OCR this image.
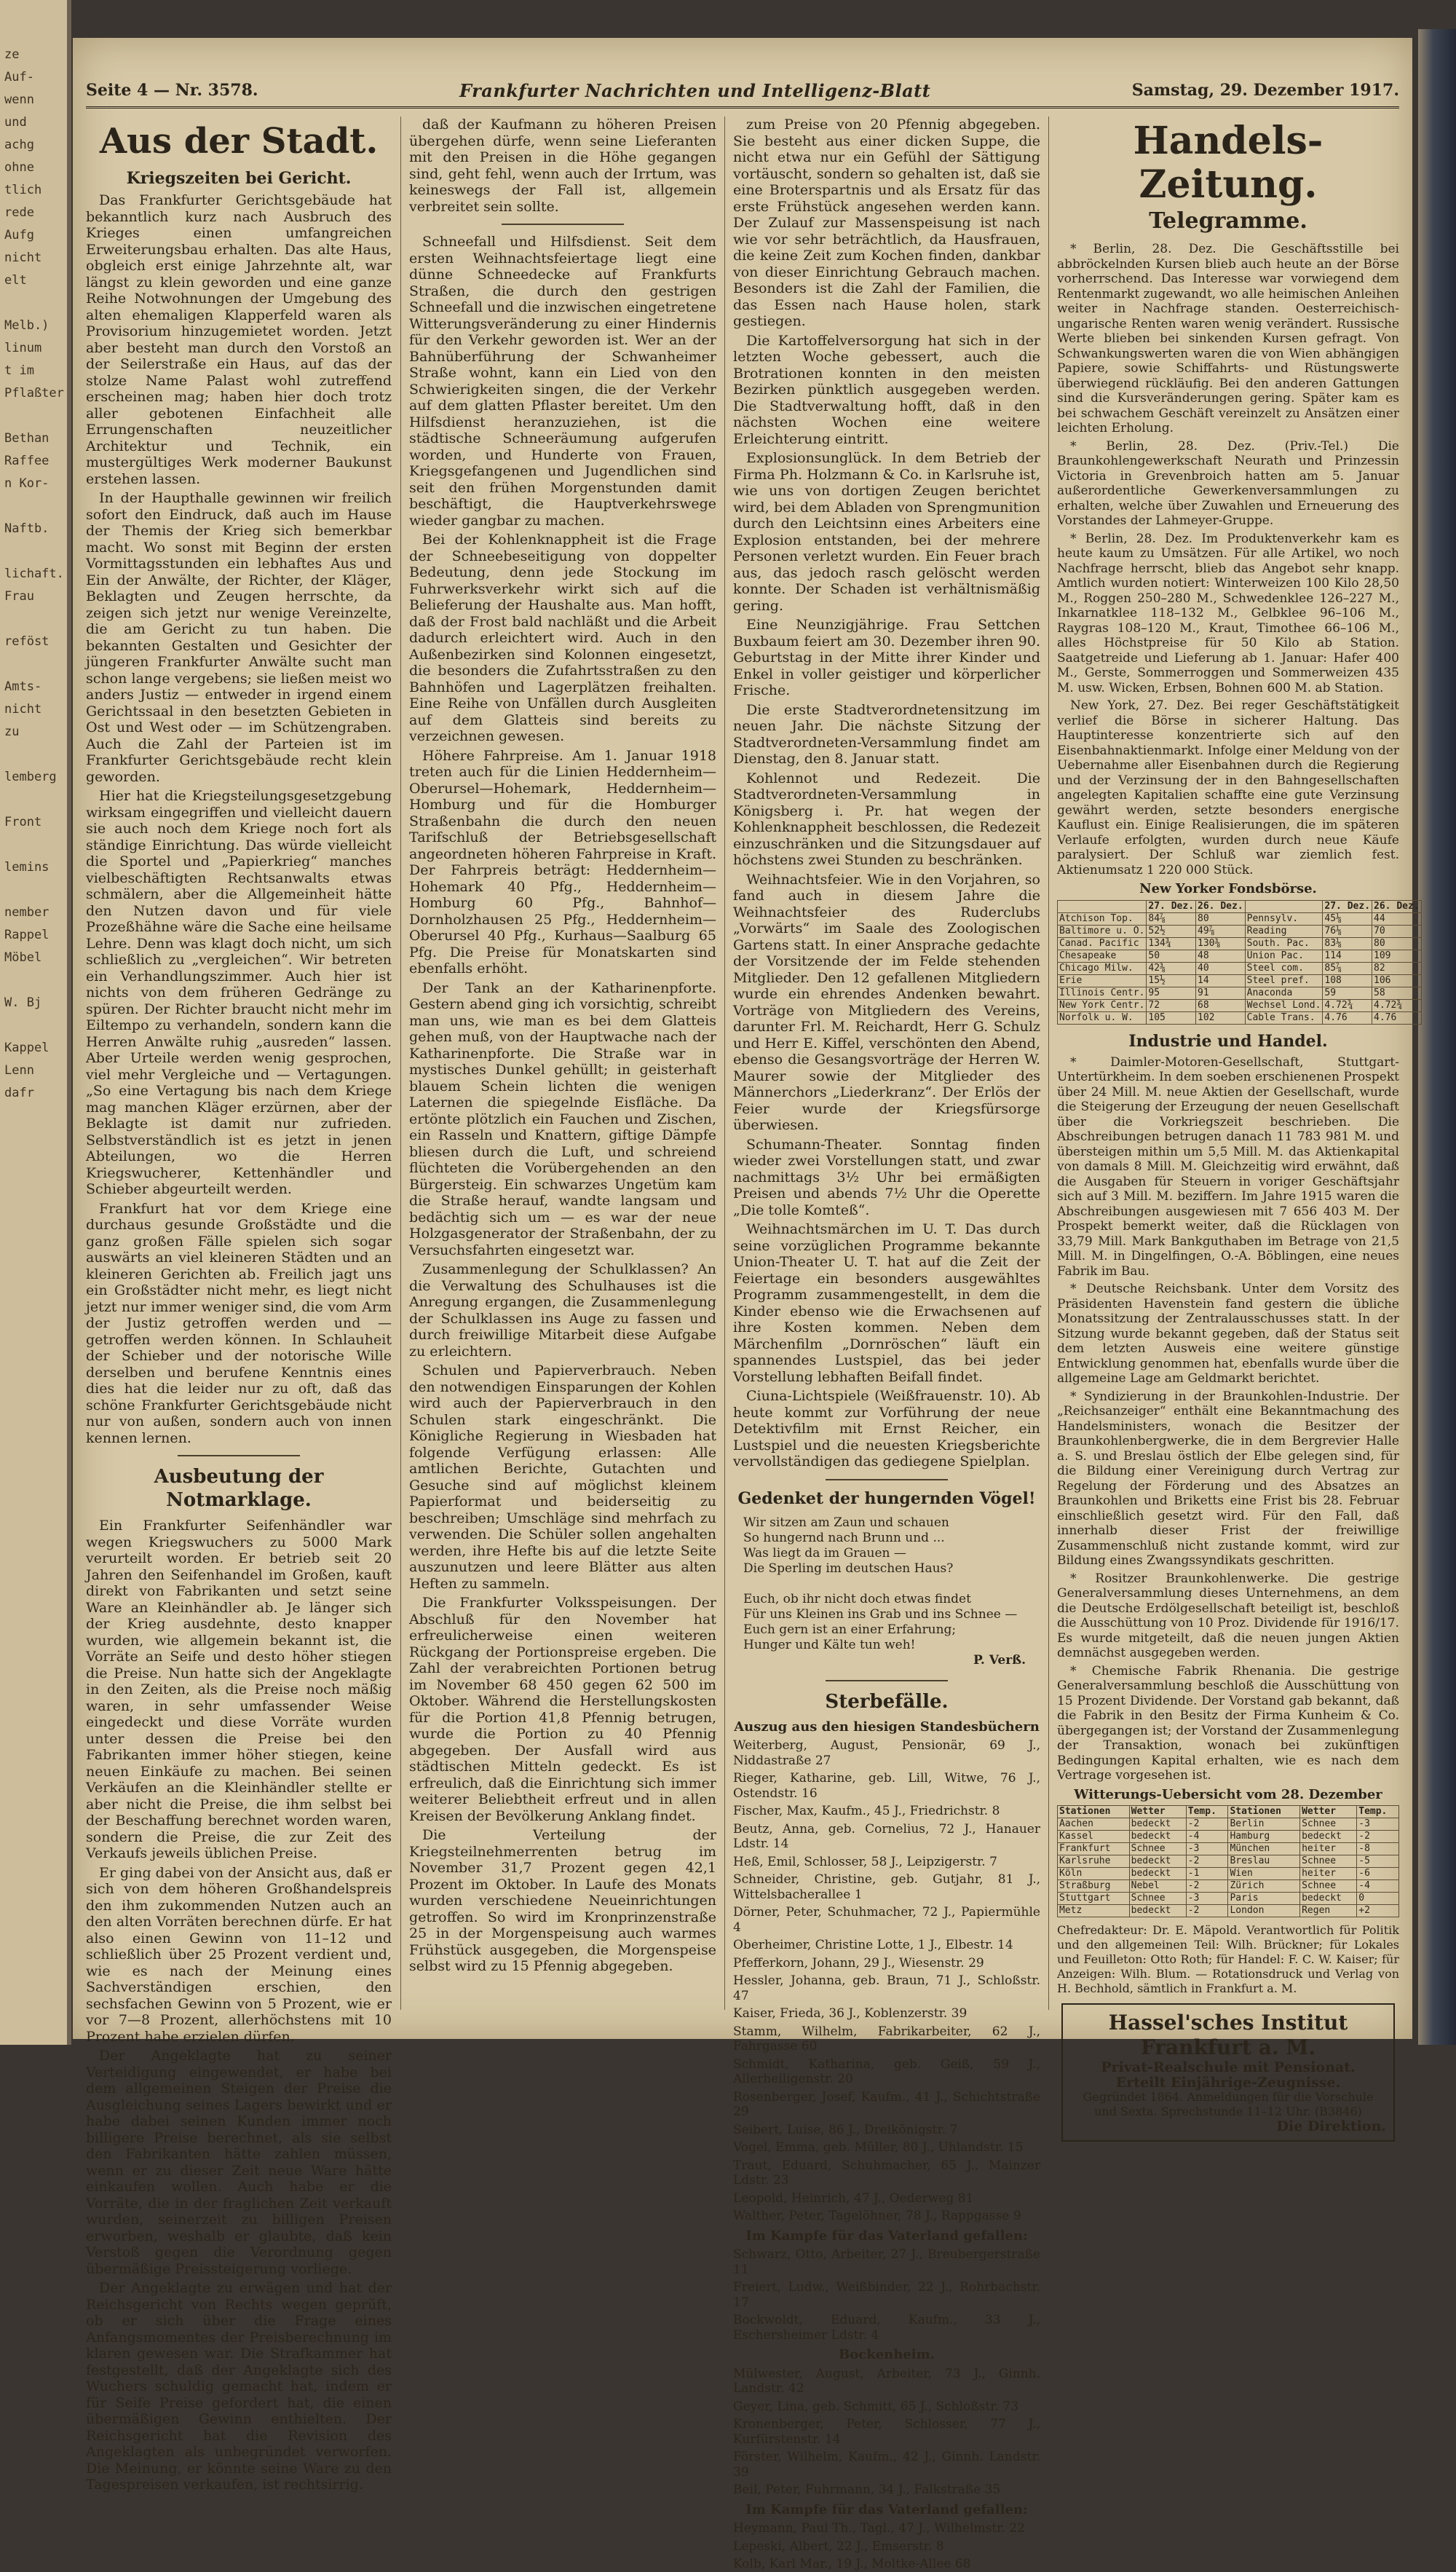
ze
Auf-
wenn
und
achg
ohne
tlich
rede
Aufg
nicht
elt

Melb.)
linum
t im
Pflaßter

Bethan
Raffee
n Kor-

Naftb.

lichaft.
Frau

reföst

Amts-
nicht
zu

lemberg

Front

lemins

nember
Rappel
Möbel

W. Bj

Kappel
Lenn
dafr
Seite 4 — Nr. 3578.	Frankfurter Nachrichten und Intelligenz-Blatt	Samstag, 29. Dezember 1917.
Aus der Stadt.
Kriegszeiten bei Gericht.

Das Frankfurter Gerichtsgebäude hat bekanntlich kurz nach Ausbruch des Krieges einen umfangreichen Erweiterungsbau erhalten. Das alte Haus, obgleich erst einige Jahrzehnte alt, war längst zu klein geworden und eine ganze Reihe Notwohnungen der Umgebung des alten ehemaligen Klapperfeld waren als Provisorium hinzugemietet worden. Jetzt aber besteht man durch den Vorstoß an der Seilerstraße ein Haus, auf das der stolze Name Palast wohl zutreffend erscheinen mag; haben hier doch trotz aller gebotenen Einfachheit alle Errungenschaften neuzeitlicher Architektur und Technik, ein mustergültiges Werk moderner Baukunst erstehen lassen.

In der Haupthalle gewinnen wir freilich sofort den Eindruck, daß auch im Hause der Themis der Krieg sich bemerkbar macht. Wo sonst mit Beginn der ersten Vormittagsstunden ein lebhaftes Aus und Ein der Anwälte, der Richter, der Kläger, Beklagten und Zeugen herrschte, da zeigen sich jetzt nur wenige Vereinzelte, die am Gericht zu tun haben. Die bekannten Gestalten und Gesichter der jüngeren Frankfurter Anwälte sucht man schon lange vergebens; sie ließen meist wo anders Justiz — entweder in irgend einem Gerichtssaal in den besetzten Gebieten in Ost und West oder — im Schützengraben. Auch die Zahl der Parteien ist im Frankfurter Gerichtsgebäude recht klein geworden.

Hier hat die Kriegsteilungsgesetzgebung wirksam eingegriffen und vielleicht dauern sie auch noch dem Kriege noch fort als ständige Einrichtung. Das würde vielleicht die Sportel und „Papierkrieg“ manches vielbeschäftigten Rechtsanwalts etwas schmälern, aber die Allgemeinheit hätte den Nutzen davon und für viele Prozeßhähne wäre die Sache eine heilsame Lehre. Denn was klagt doch nicht, um sich schließlich zu „vergleichen“. Wir betreten ein Verhandlungszimmer. Auch hier ist nichts von dem früheren Gedränge zu spüren. Der Richter braucht nicht mehr im Eiltempo zu verhandeln, sondern kann die Herren Anwälte ruhig „ausreden“ lassen. Aber Urteile werden wenig gesprochen, viel mehr Vergleiche und — Vertagungen. „So eine Vertagung bis nach dem Kriege mag manchen Kläger erzürnen, aber der Beklagte ist damit nur zufrieden. Selbstverständlich ist es jetzt in jenen Abteilungen, wo die Herren Kriegswucherer, Kettenhändler und Schieber abgeurteilt werden.

Frankfurt hat vor dem Kriege eine durchaus gesunde Großstädte und die ganz großen Fälle spielen sich sogar auswärts an viel kleineren Städten und an kleineren Gerichten ab. Freilich jagt uns ein Großstädter nicht mehr, es liegt nicht jetzt nur immer weniger sind, die vom Arm der Justiz getroffen werden und — getroffen werden können. In Schlauheit der Schieber und der notorische Wille derselben und berufene Kenntnis eines dies hat die leider nur zu oft, daß das schöne Frankfurter Gerichtsgebäude nicht nur von außen, sondern auch von innen kennen lernen.

Ausbeutung der Notmarklage.

Ein Frankfurter Seifenhändler war wegen Kriegswuchers zu 5000 Mark verurteilt worden. Er betrieb seit 20 Jahren den Seifenhandel im Großen, kauft direkt von Fabrikanten und setzt seine Ware an Kleinhändler ab. Je länger sich der Krieg ausdehnte, desto knapper wurden, wie allgemein bekannt ist, die Vorräte an Seife und desto höher stiegen die Preise. Nun hatte sich der Angeklagte in den Zeiten, als die Preise noch mäßig waren, in sehr umfassender Weise eingedeckt und diese Vorräte wurden unter dessen die Preise bei den Fabrikanten immer höher stiegen, keine neuen Einkäufe zu machen. Bei seinen Verkäufen an die Kleinhändler stellte er aber nicht die Preise, die ihm selbst bei der Beschaffung berechnet worden waren, sondern die Preise, die zur Zeit des Verkaufs jeweils üblichen Preise.

Er ging dabei von der Ansicht aus, daß er sich von dem höheren Großhandelspreis den ihm zukommenden Nutzen auch an den alten Vorräten berechnen dürfe. Er hat also einen Gewinn von 11–12 und schließlich über 25 Prozent verdient und, wie es nach der Meinung eines Sachverständigen erschien, den sechsfachen Gewinn von 5 Prozent, wie er vor 7—8 Prozent, allerhöchstens mit 10 Prozent habe erzielen dürfen.

Der Angeklagte hat zu seiner Verteidigung eingewendet, er habe bei dem allgemeinen Steigen der Preise die Ausgleichung seines Lagers bewirkt und er habe dabei seinen Kunden immer noch billigere Preise berechnet, als sie selbst den Fabrikanten hätte zahlen müssen, wenn er zu dieser Zeit neue Ware hätte einkaufen wollen. Auch habe er die Vorräte, die in der fraglichen Zeit verkauft wurden, seinerzeit zu billigen Preisen erworben, weshalb er glaubte, daß kein Verstoß gegen die Verordnung gegen übermäßige Preissteigerung vorliege.

Der Angeklagte zu erwägen und hat der Reichsgericht von Rechts wegen geprüft, ob er sich über die Frage eines Anfangsmomentes der Preisberechnung im klaren gewesen war. Die Strafkammer hat festgestellt, daß der Angeklagte sich des Wuchers schuldig gemacht hat, indem er für Seife Preise gefordert hat, die einen übermäßigen Gewinn enthielten. Der Reichsgericht hat die Revision des Angeklagten als unbegründet verworfen. Die Meinung, er könnte seine Ware zu den Tagespreisen verkaufen, ist rechtsirrig.

daß der Kaufmann zu höheren Preisen übergehen dürfe, wenn seine Lieferanten mit den Preisen in die Höhe gegangen sind, geht fehl, wenn auch der Irrtum, was keineswegs der Fall ist, allgemein verbreitet sein sollte.

Schneefall und Hilfsdienst. Seit dem ersten Weihnachtsfeiertage liegt eine dünne Schneedecke auf Frankfurts Straßen, die durch den gestrigen Schneefall und die inzwischen eingetretene Witterungsveränderung zu einer Hindernis für den Verkehr geworden ist. Wer an der Bahnüberführung der Schwanheimer Straße wohnt, kann ein Lied von den Schwierigkeiten singen, die der Verkehr auf dem glatten Pflaster bereitet. Um den Hilfsdienst heranzuziehen, ist die städtische Schneeräumung aufgerufen worden, und Hunderte von Frauen, Kriegsgefangenen und Jugendlichen sind seit den frühen Morgenstunden damit beschäftigt, die Hauptverkehrswege wieder gangbar zu machen.

Bei der Kohlenknappheit ist die Frage der Schneebeseitigung von doppelter Bedeutung, denn jede Stockung im Fuhrwerksverkehr wirkt sich auf die Belieferung der Haushalte aus. Man hofft, daß der Frost bald nachläßt und die Arbeit dadurch erleichtert wird. Auch in den Außenbezirken sind Kolonnen eingesetzt, die besonders die Zufahrtsstraßen zu den Bahnhöfen und Lagerplätzen freihalten. Eine Reihe von Unfällen durch Ausgleiten auf dem Glatteis sind bereits zu verzeichnen gewesen.

Höhere Fahrpreise. Am 1. Januar 1918 treten auch für die Linien Heddernheim—Oberursel—Hohemark, Heddernheim—Homburg und für die Homburger Straßenbahn die durch den neuen Tarifschluß der Betriebsgesellschaft angeordneten höheren Fahrpreise in Kraft. Der Fahrpreis beträgt: Heddernheim—Hohemark 40 Pfg., Heddernheim—Homburg 60 Pfg., Bahnhof—Dornholzhausen 25 Pfg., Heddernheim—Oberursel 40 Pfg., Kurhaus—Saalburg 65 Pfg. Die Preise für Monatskarten sind ebenfalls erhöht.

Der Tank an der Katharinenpforte. Gestern abend ging ich vorsichtig, schreibt man uns, wie man es bei dem Glatteis gehen muß, von der Hauptwache nach der Katharinenpforte. Die Straße war in mystisches Dunkel gehüllt; in geisterhaft blauem Schein lichten die wenigen Laternen die spiegelnde Eisfläche. Da ertönte plötzlich ein Fauchen und Zischen, ein Rasseln und Knattern, giftige Dämpfe bliesen durch die Luft, und schreiend flüchteten die Vorübergehenden an den Bürgersteig. Ein schwarzes Ungetüm kam die Straße herauf, wandte langsam und bedächtig sich um — es war der neue Holzgasgenerator der Straßenbahn, der zu Versuchsfahrten eingesetzt war.

Zusammenlegung der Schulklassen? An die Verwaltung des Schulhauses ist die Anregung ergangen, die Zusammenlegung der Schulklassen ins Auge zu fassen und durch freiwillige Mitarbeit diese Aufgabe zu erleichtern.

Schulen und Papierverbrauch. Neben den notwendigen Einsparungen der Kohlen wird auch der Papierverbrauch in den Schulen stark eingeschränkt. Die Königliche Regierung in Wiesbaden hat folgende Verfügung erlassen: Alle amtlichen Berichte, Gutachten und Gesuche sind auf möglichst kleinem Papierformat und beiderseitig zu beschreiben; Umschläge sind mehrfach zu verwenden. Die Schüler sollen angehalten werden, ihre Hefte bis auf die letzte Seite auszunutzen und leere Blätter aus alten Heften zu sammeln.

Die Frankfurter Volksspeisungen. Der Abschluß für den November hat erfreulicherweise einen weiteren Rückgang der Portionspreise ergeben. Die Zahl der verabreichten Portionen betrug im November 68 450 gegen 62 500 im Oktober. Während die Herstellungskosten für die Portion 41,8 Pfennig betrugen, wurde die Portion zu 40 Pfennig abgegeben. Der Ausfall wird aus städtischen Mitteln gedeckt. Es ist erfreulich, daß die Einrichtung sich immer weiterer Beliebtheit erfreut und in allen Kreisen der Bevölkerung Anklang findet.

Die Verteilung der Kriegsteilnehmerrenten betrug im November 31,7 Prozent gegen 42,1 Prozent im Oktober. In Laufe des Monats wurden verschiedene Neueinrichtungen getroffen. So wird im Kronprinzenstraße 25 in der Morgenspeisung auch warmes Frühstück ausgegeben, die Morgenspeise selbst wird zu 15 Pfennig abgegeben.

zum Preise von 20 Pfennig abgegeben. Sie besteht aus einer dicken Suppe, die nicht etwa nur ein Gefühl der Sättigung vortäuscht, sondern so gehalten ist, daß sie eine Broterspartnis und als Ersatz für das erste Frühstück angesehen werden kann. Der Zulauf zur Massenspeisung ist nach wie vor sehr beträchtlich, da Hausfrauen, die keine Zeit zum Kochen finden, dankbar von dieser Einrichtung Gebrauch machen. Besonders ist die Zahl der Familien, die das Essen nach Hause holen, stark gestiegen.

Die Kartoffelversorgung hat sich in der letzten Woche gebessert, auch die Brotrationen konnten in den meisten Bezirken pünktlich ausgegeben werden. Die Stadtverwaltung hofft, daß in den nächsten Wochen eine weitere Erleichterung eintritt.

Explosionsunglück. In dem Betrieb der Firma Ph. Holzmann & Co. in Karlsruhe ist, wie uns von dortigen Zeugen berichtet wird, bei dem Abladen von Sprengmunition durch den Leichtsinn eines Arbeiters eine Explosion entstanden, bei der mehrere Personen verletzt wurden. Ein Feuer brach aus, das jedoch rasch gelöscht werden konnte. Der Schaden ist verhältnismäßig gering.

Eine Neunzigjährige. Frau Settchen Buxbaum feiert am 30. Dezember ihren 90. Geburtstag in der Mitte ihrer Kinder und Enkel in voller geistiger und körperlicher Frische.

Die erste Stadtverordnetensitzung im neuen Jahr. Die nächste Sitzung der Stadtverordneten-Versammlung findet am Dienstag, den 8. Januar statt.

Kohlennot und Redezeit. Die Stadtverordneten-Versammlung in Königsberg i. Pr. hat wegen der Kohlenknappheit beschlossen, die Redezeit einzuschränken und die Sitzungsdauer auf höchstens zwei Stunden zu beschränken.

Weihnachtsfeier. Wie in den Vorjahren, so fand auch in diesem Jahre die Weihnachtsfeier des Ruderclubs „Vorwärts“ im Saale des Zoologischen Gartens statt. In einer Ansprache gedachte der Vorsitzende der im Felde stehenden Mitglieder. Den 12 gefallenen Mitgliedern wurde ein ehrendes Andenken bewahrt. Vorträge von Mitgliedern des Vereins, darunter Frl. M. Reichardt, Herr G. Schulz und Herr E. Kiffel, verschönten den Abend, ebenso die Gesangsvorträge der Herren W. Maurer sowie der Mitglieder des Männerchors „Liederkranz“. Der Erlös der Feier wurde der Kriegsfürsorge überwiesen.

Schumann-Theater. Sonntag finden wieder zwei Vorstellungen statt, und zwar nachmittags 3½ Uhr bei ermäßigten Preisen und abends 7½ Uhr die Operette „Die tolle Komteß“.

Weihnachtsmärchen im U. T. Das durch seine vorzüglichen Programme bekannte Union-Theater U. T. hat auf die Zeit der Feiertage ein besonders ausgewähltes Programm zusammengestellt, in dem die Kinder ebenso wie die Erwachsenen auf ihre Kosten kommen. Neben dem Märchenfilm „Dornröschen“ läuft ein spannendes Lustspiel, das bei jeder Vorstellung lebhaften Beifall findet.

Ciuna-Lichtspiele (Weißfrauenstr. 10). Ab heute kommt zur Vorführung der neue Detektivfilm mit Ernst Reicher, ein Lustspiel und die neuesten Kriegsberichte vervollständigen das gediegene Spielplan.

Gedenket der hungernden Vögel!

Wir sitzen am Zaun und schauen

So hungernd nach Brunn und ...

Was liegt da im Grauen —

Die Sperling im deutschen Haus?

Euch, ob ihr nicht doch etwas findet

Für uns Kleinen ins Grab und ins Schnee —

Euch gern ist an einer Erfahrung;

Hunger und Kälte tun weh!

P. Verß.
Sterbefälle.
Auszug aus den hiesigen Standesbüchern

Weiterberg, August, Pensionär, 69 J., Niddastraße 27

Rieger, Katharine, geb. Lill, Witwe, 76 J., Ostendstr. 16

Fischer, Max, Kaufm., 45 J., Friedrichstr. 8

Beutz, Anna, geb. Cornelius, 72 J., Hanauer Ldstr. 14

Heß, Emil, Schlosser, 58 J., Leipzigerstr. 7

Schneider, Christine, geb. Gutjahr, 81 J., Wittelsbacherallee 1

Dörner, Peter, Schuhmacher, 72 J., Papiermühle 4

Oberheimer, Christine Lotte, 1 J., Elbestr. 14

Pfefferkorn, Johann, 29 J., Wiesenstr. 29

Hessler, Johanna, geb. Braun, 71 J., Schloßstr. 47

Kaiser, Frieda, 36 J., Koblenzerstr. 39

Stamm, Wilhelm, Fabrikarbeiter, 62 J., Fahrgasse 60

Schmidt, Katharina, geb. Geiß, 59 J., Allerheiligenstr. 20

Rosenberger, Josef, Kaufm., 41 J., Schichtstraße 29

Seibert, Luise, 86 J., Dreikönigstr. 7

Vogel, Emma, geb. Müller, 80 J., Uhlandstr. 15

Traut, Eduard, Schuhmacher, 65 J., Mainzer Ldstr. 23

Leopold, Heinrich, 47 J., Oederweg 81

Walther, Peter, Tagelöhner, 78 J., Rappgasse 9

Im Kampfe für das Vaterland gefallen:

Schwarz, Otto, Arbeiter, 27 J., Breubergerstraße 11

Freiert, Ludw., Weißbinder, 22 J., Rohrbachstr. 17

Bockwoldt, Eduard, Kaufm., 33 J., Eschersheimer Ldstr. 4

Bockenheim.

Mülwester, August, Arbeiter, 73 J., Ginnh. Landstr. 42

Geyer, Lina, geb. Schmitt, 65 J., Schloßstr. 73

Kronenberger, Peter, Schlosser, 77 J., Kurfürstenstr. 14

Förster, Wilhelm, Kaufm., 42 J., Ginnh. Landstr. 39

Beil, Peter, Fuhrmann, 34 J., Falkstraße 35

Im Kampfe für das Vaterland gefallen:

Heymann, Paul Th., Tagl., 47 J., Wilhelmstr. 22

Lepeski, Albert, 22 J., Emserstr. 8

Kolb, Karl Mar., 19 J., Moltke-Allee 68

Handels-Zeitung.
Telegramme.

* Berlin, 28. Dez. Die Geschäftsstille bei abbröckelnden Kursen blieb auch heute an der Börse vorherrschend. Das Interesse war vorwiegend dem Rentenmarkt zugewandt, wo alle heimischen Anleihen weiter in Nachfrage standen. Oesterreichisch-ungarische Renten waren wenig verändert. Russische Werte blieben bei sinkenden Kursen gefragt. Von Schwankungswerten waren die von Wien abhängigen Papiere, sowie Schiffahrts- und Rüstungswerte überwiegend rückläufig. Bei den anderen Gattungen sind die Kursveränderungen gering. Später kam es bei schwachem Geschäft vereinzelt zu Ansätzen einer leichten Erholung.

* Berlin, 28. Dez. (Priv.-Tel.) Die Braunkohlengewerkschaft Neurath und Prinzessin Victoria in Grevenbroich hatten am 5. Januar außerordentliche Gewerkenversammlungen zu erhalten, welche über Zuwahlen und Erneuerung des Vorstandes der Lahmeyer-Gruppe.

* Berlin, 28. Dez. Im Produktenverkehr kam es heute kaum zu Umsätzen. Für alle Artikel, wo noch Nachfrage herrscht, blieb das Angebot sehr knapp. Amtlich wurden notiert: Winterweizen 100 Kilo 28,50 M., Roggen 250–280 M., Schwedenklee 126–227 M., Inkarnatklee 118–132 M., Gelbklee 96–106 M., Raygras 108–120 M., Kraut, Timothee 66–106 M., alles Höchstpreise für 50 Kilo ab Station. Saatgetreide und Lieferung ab 1. Januar: Hafer 400 M., Gerste, Sommerroggen und Sommerweizen 435 M. usw. Wicken, Erbsen, Bohnen 600 M. ab Station.

New York, 27. Dez. Bei reger Geschäftstätigkeit verlief die Börse in sicherer Haltung. Das Hauptinteresse konzentrierte sich auf den Eisenbahnaktienmarkt. Infolge einer Meldung von der Uebernahme aller Eisenbahnen durch die Regierung und der Verzinsung der in den Bahngesellschaften angelegten Kapitalien schaffte eine gute Verzinsung gewährt werden, setzte besonders energische Kauflust ein. Einige Realisierungen, die im späteren Verlaufe erfolgten, wurden durch neue Käufe paralysiert. Der Schluß war ziemlich fest. Aktienumsatz 1 220 000 Stück.

New Yorker Fondsbörse.
	27. Dez.	26. Dez.		27. Dez.	26. Dez.
Atchison Top.	84⅞	80	Pennsylv.	45⅛	44
Baltimore u. O.	52½	49⅞	Reading	76⅛	70
Canad. Pacific	134¾	130⅜	South. Pac.	83⅛	80
Chesapeake	50	48	Union Pac.	114	109
Chicago Milw.	42⅜	40	Steel com.	85⅞	82
Erie	15½	14	Steel pref.	108	106
Illinois Centr.	95	91	Anaconda	59	58
New York Centr.	72	68	Wechsel Lond.	4.72¾	4.72¾
Norfolk u. W.	105	102	Cable Trans.	4.76	4.76
Industrie und Handel.

* Daimler-Motoren-Gesellschaft, Stuttgart-Untertürkheim. In dem soeben erschienenen Prospekt über 24 Mill. M. neue Aktien der Gesellschaft, wurde die Steigerung der Erzeugung der neuen Gesellschaft über die Vorkriegszeit beschrieben. Die Abschreibungen betrugen danach 11 783 981 M. und übersteigen mithin um 5,5 Mill. M. das Aktienkapital von damals 8 Mill. M. Gleichzeitig wird erwähnt, daß die Ausgaben für Steuern in voriger Geschäftsjahr sich auf 3 Mill. M. beziffern. Im Jahre 1915 waren die Abschreibungen ausgewiesen mit 7 656 403 M. Der Prospekt bemerkt weiter, daß die Rücklagen von 33,79 Mill. Mark Bankguthaben im Betrage von 21,5 Mill. M. in Dingelfingen, O.-A. Böblingen, eine neues Fabrik im Bau.

* Deutsche Reichsbank. Unter dem Vorsitz des Präsidenten Havenstein fand gestern die übliche Monatssitzung der Zentralausschusses statt. In der Sitzung wurde bekannt gegeben, daß der Status seit dem letzten Ausweis eine weitere günstige Entwicklung genommen hat, ebenfalls wurde über die allgemeine Lage am Geldmarkt berichtet.

* Syndizierung in der Braunkohlen-Industrie. Der „Reichsanzeiger“ enthält eine Bekanntmachung des Handelsministers, wonach die Besitzer der Braunkohlenbergwerke, die in dem Bergrevier Halle a. S. und Breslau östlich der Elbe gelegen sind, für die Bildung einer Vereinigung durch Vertrag zur Regelung der Förderung und des Absatzes an Braunkohlen und Briketts eine Frist bis 28. Februar einschließlich gesetzt wird. Für den Fall, daß innerhalb dieser Frist der freiwillige Zusammenschluß nicht zustande kommt, wird zur Bildung eines Zwangssyndikats geschritten.

* Rositzer Braunkohlenwerke. Die gestrige Generalversammlung dieses Unternehmens, an dem die Deutsche Erdölgesellschaft beteiligt ist, beschloß die Ausschüttung von 10 Proz. Dividende für 1916/17. Es wurde mitgeteilt, daß die neuen jungen Aktien demnächst ausgegeben werden.

* Chemische Fabrik Rhenania. Die gestrige Generalversammlung beschloß die Ausschüttung von 15 Prozent Dividende. Der Vorstand gab bekannt, daß die Fabrik in den Besitz der Firma Kunheim & Co. übergegangen ist; der Vorstand der Zusammenlegung der Transaktion, wonach bei zukünftigen Bedingungen Kapital erhalten, wie es nach dem Vertrage vorgesehen ist.

Witterungs-Uebersicht vom 28. Dezember
Stationen	Wetter	Temp.	Stationen	Wetter	Temp.
Aachen	bedeckt	-2	Berlin	Schnee	-3
Kassel	bedeckt	-4	Hamburg	bedeckt	-2
Frankfurt	Schnee	-3	München	heiter	-8
Karlsruhe	bedeckt	-2	Breslau	Schnee	-5
Köln	bedeckt	-1	Wien	heiter	-6
Straßburg	Nebel	-2	Zürich	Schnee	-4
Stuttgart	Schnee	-3	Paris	bedeckt	0
Metz	bedeckt	-2	London	Regen	+2
Chefredakteur: Dr. E. Mäpold. Verantwortlich für Politik und den allgemeinen Teil: Wilh. Brückner; für Lokales und Feuilleton: Otto Roth; für Handel: F. C. W. Kaiser; für Anzeigen: Wilh. Blum. — Rotationsdruck und Verlag von H. Bechhold, sämtlich in Frankfurt a. M.
Hassel'sches Institut Frankfurt a. M.
Privat-Realschule mit Pensionat.
Erteilt Einjährige-Zeugnisse.
Gegründet 1864. Anmeldungen für die Vorschule und Sexta. Sprechstunde 11–12 Uhr. (B3846)
Die Direktion.
